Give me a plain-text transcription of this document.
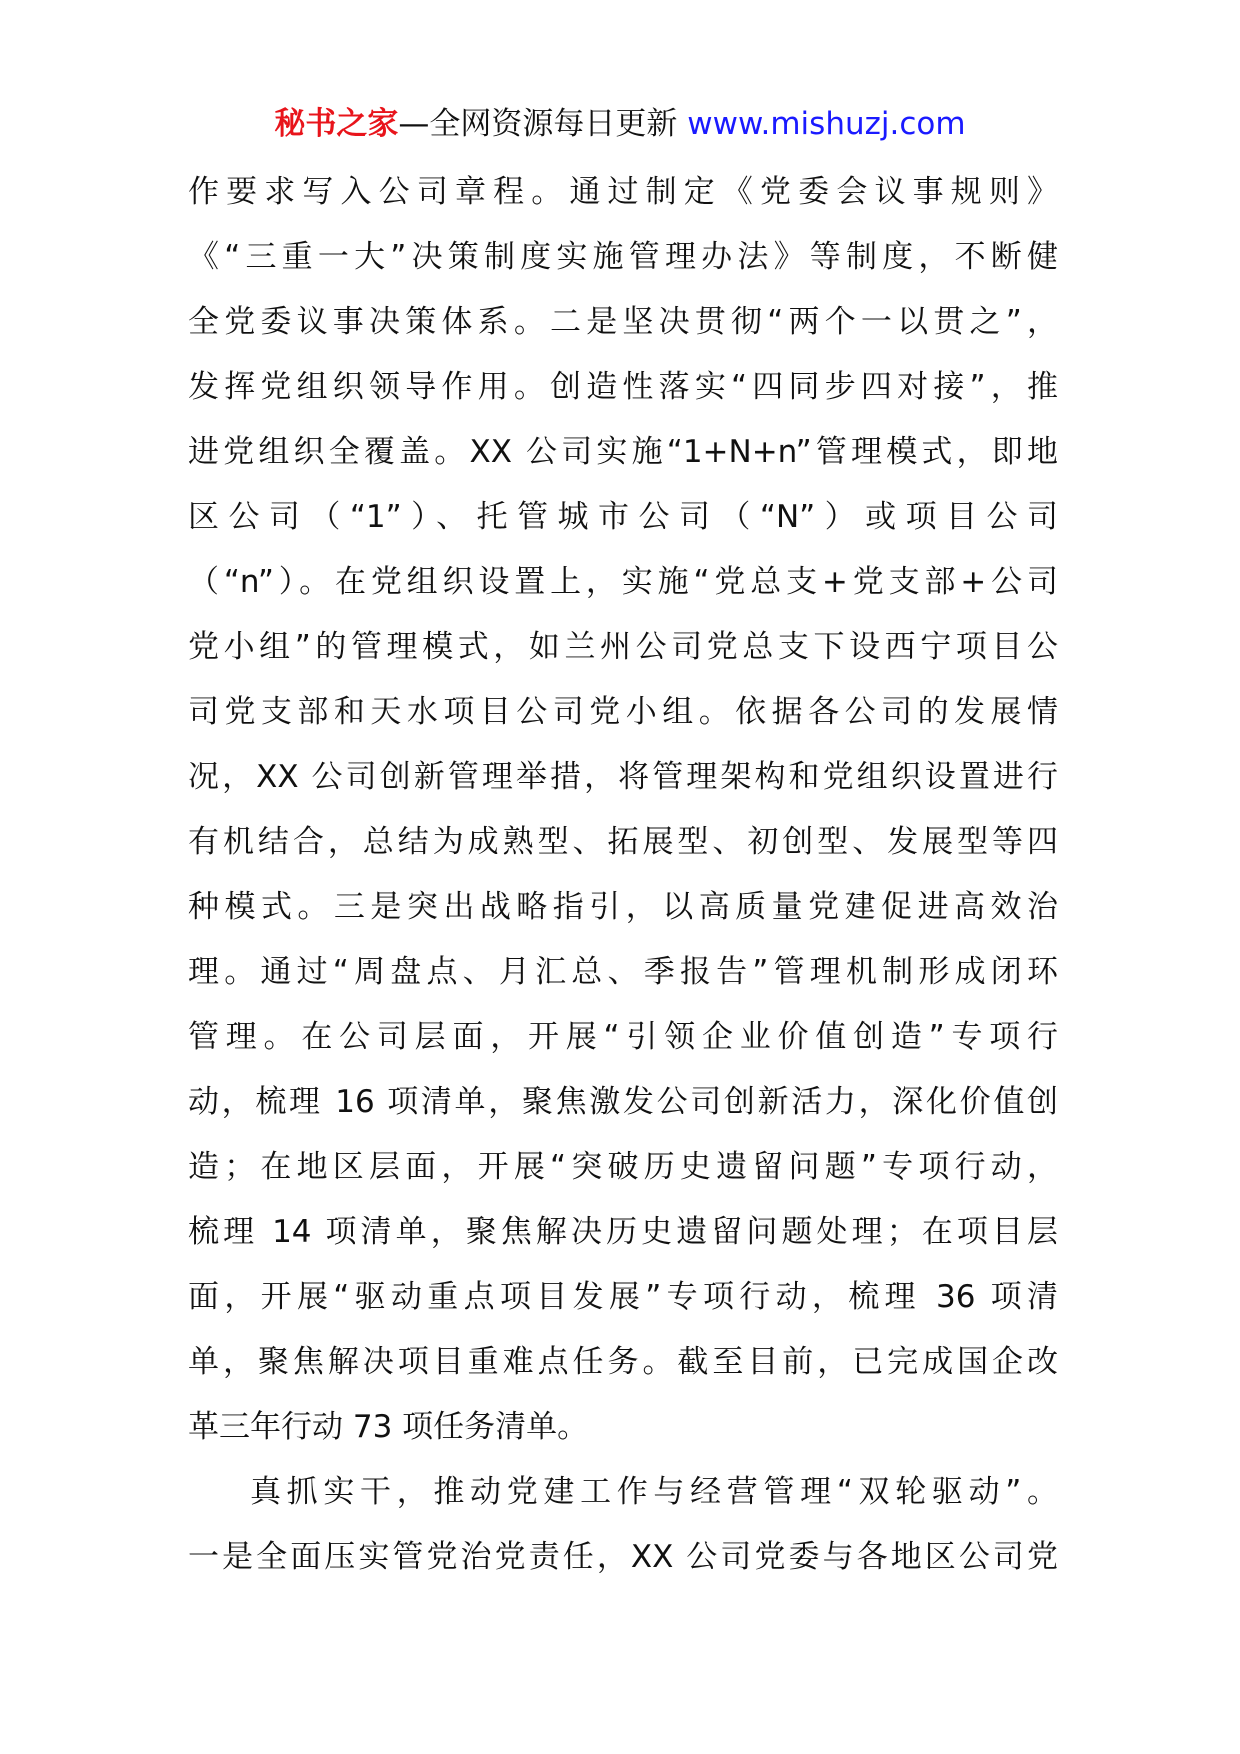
秘书之家—全网资源每日更新 www.mishuzj.com
作要求写入公司章程。通过制定《党委会议事规则》
《“三重一大”决策制度实施管理办法》等制度，不断健
全党委议事决策体系。二是坚决贯彻“两个一以贯之”，
发挥党组织领导作用。创造性落实“四同步四对接”，推
进党组织全覆盖。XX 公司实施“1+N+n”管理模式，即地
区公司（“1”）、托管城市公司（“N”）或项目公司
（“n”）。在党组织设置上，实施“党总支+党支部+公司
党小组”的管理模式，如兰州公司党总支下设西宁项目公
司党支部和天水项目公司党小组。依据各公司的发展情
况，XX 公司创新管理举措，将管理架构和党组织设置进行
有机结合，总结为成熟型、拓展型、初创型、发展型等四
种模式。三是突出战略指引，以高质量党建促进高效治
理。通过“周盘点、月汇总、季报告”管理机制形成闭环
管理。在公司层面，开展“引领企业价值创造”专项行
动，梳理 16 项清单，聚焦激发公司创新活力，深化价值创
造；在地区层面，开展“突破历史遗留问题”专项行动，
梳理 14 项清单，聚焦解决历史遗留问题处理；在项目层
面，开展“驱动重点项目发展”专项行动，梳理 36 项清
单，聚焦解决项目重难点任务。截至目前，已完成国企改
革三年行动 73 项任务清单。
真抓实干，推动党建工作与经营管理“双轮驱动”。
一是全面压实管党治党责任，XX 公司党委与各地区公司党
